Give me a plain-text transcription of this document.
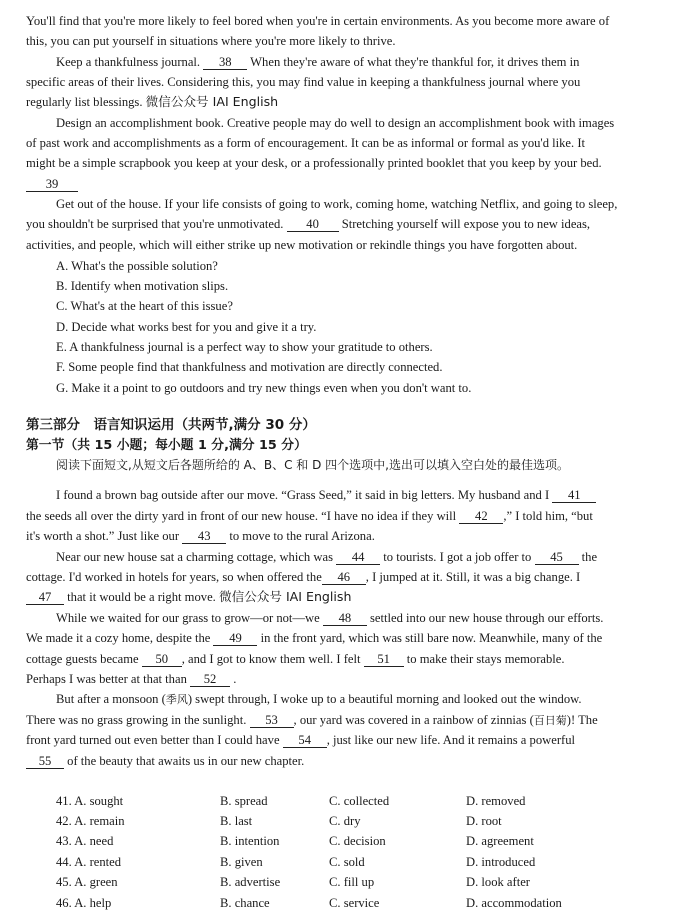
You'll find that you're more likely to feel bored when you're in certain environments. As you become more aware of
this, you can put yourself in situations where you're more likely to thrive.
Keep a thankfulness journal. 38 When they're aware of what they're thankful for, it drives them in
specific areas of their lives. Considering this, you may find value in keeping a thankfulness journal where you
regularly list blessings. 微信公众号 IAI English
Design an accomplishment book. Creative people may do well to design an accomplishment book with images
of past work and accomplishments as a form of encouragement. It can be as informal or formal as you'd like. It
might be a simple scrapbook you keep at your desk, or a professionally printed booklet that you keep by your bed.
39
Get out of the house. If your life consists of going to work, coming home, watching Netflix, and going to sleep,
you shouldn't be surprised that you're unmotivated. 40 Stretching yourself will expose you to new ideas,
activities, and people, which will either strike up new motivation or rekindle things you have forgotten about.
A. What's the possible solution?
B. Identify when motivation slips.
C. What's at the heart of this issue?
D. Decide what works best for you and give it a try.
E. A thankfulness journal is a perfect way to show your gratitude to others.
F. Some people find that thankfulness and motivation are directly connected.
G. Make it a point to go outdoors and try new things even when you don't want to.
第三部分　语言知识运用（共两节,满分 30 分）
第一节（共 15 小题；每小题 1 分,满分 15 分）
阅读下面短文,从短文后各题所给的 A、B、C 和 D 四个选项中,选出可以填入空白处的最佳选项。
I found a brown bag outside after our move. “Grass Seed,” it said in big letters. My husband and I 41
the seeds all over the dirty yard in front of our new house. “I have no idea if they will 42 ,” I told him, “but
it's worth a shot.” Just like our 43 to move to the rural Arizona.
Near our new house sat a charming cottage, which was 44 to tourists. I got a job offer to 45 the
cottage. I'd worked in hotels for years, so when offered the 46 , I jumped at it. Still, it was a big change. I
47 that it would be a right move. 微信公众号 IAI English
While we waited for our grass to grow—or not—we 48 settled into our new house through our efforts.
We made it a cozy home, despite the 49 in the front yard, which was still bare now. Meanwhile, many of the
cottage guests became 50 , and I got to know them well. I felt 51 to make their stays memorable.
Perhaps I was better at that than 52 .
But after a monsoon (季风) swept through, I woke up to a beautiful morning and looked out the window.
There was no grass growing in the sunlight. 53 , our yard was covered in a rainbow of zinnias (百日菊)! The
front yard turned out even better than I could have 54 , just like our new life. And it remains a powerful
55 of the beauty that awaits us in our new chapter.
41. A. sought	B. spread	C. collected	D. removed
42. A. remain	B. last	C. dry	D. root
43. A. need	B. intention	C. decision	D. agreement
44. A. rented	B. given	C. sold	D. introduced
45. A. green	B. advertise	C. fill up	D. look after
46. A. help	B. chance	C. service	D. accommodation
